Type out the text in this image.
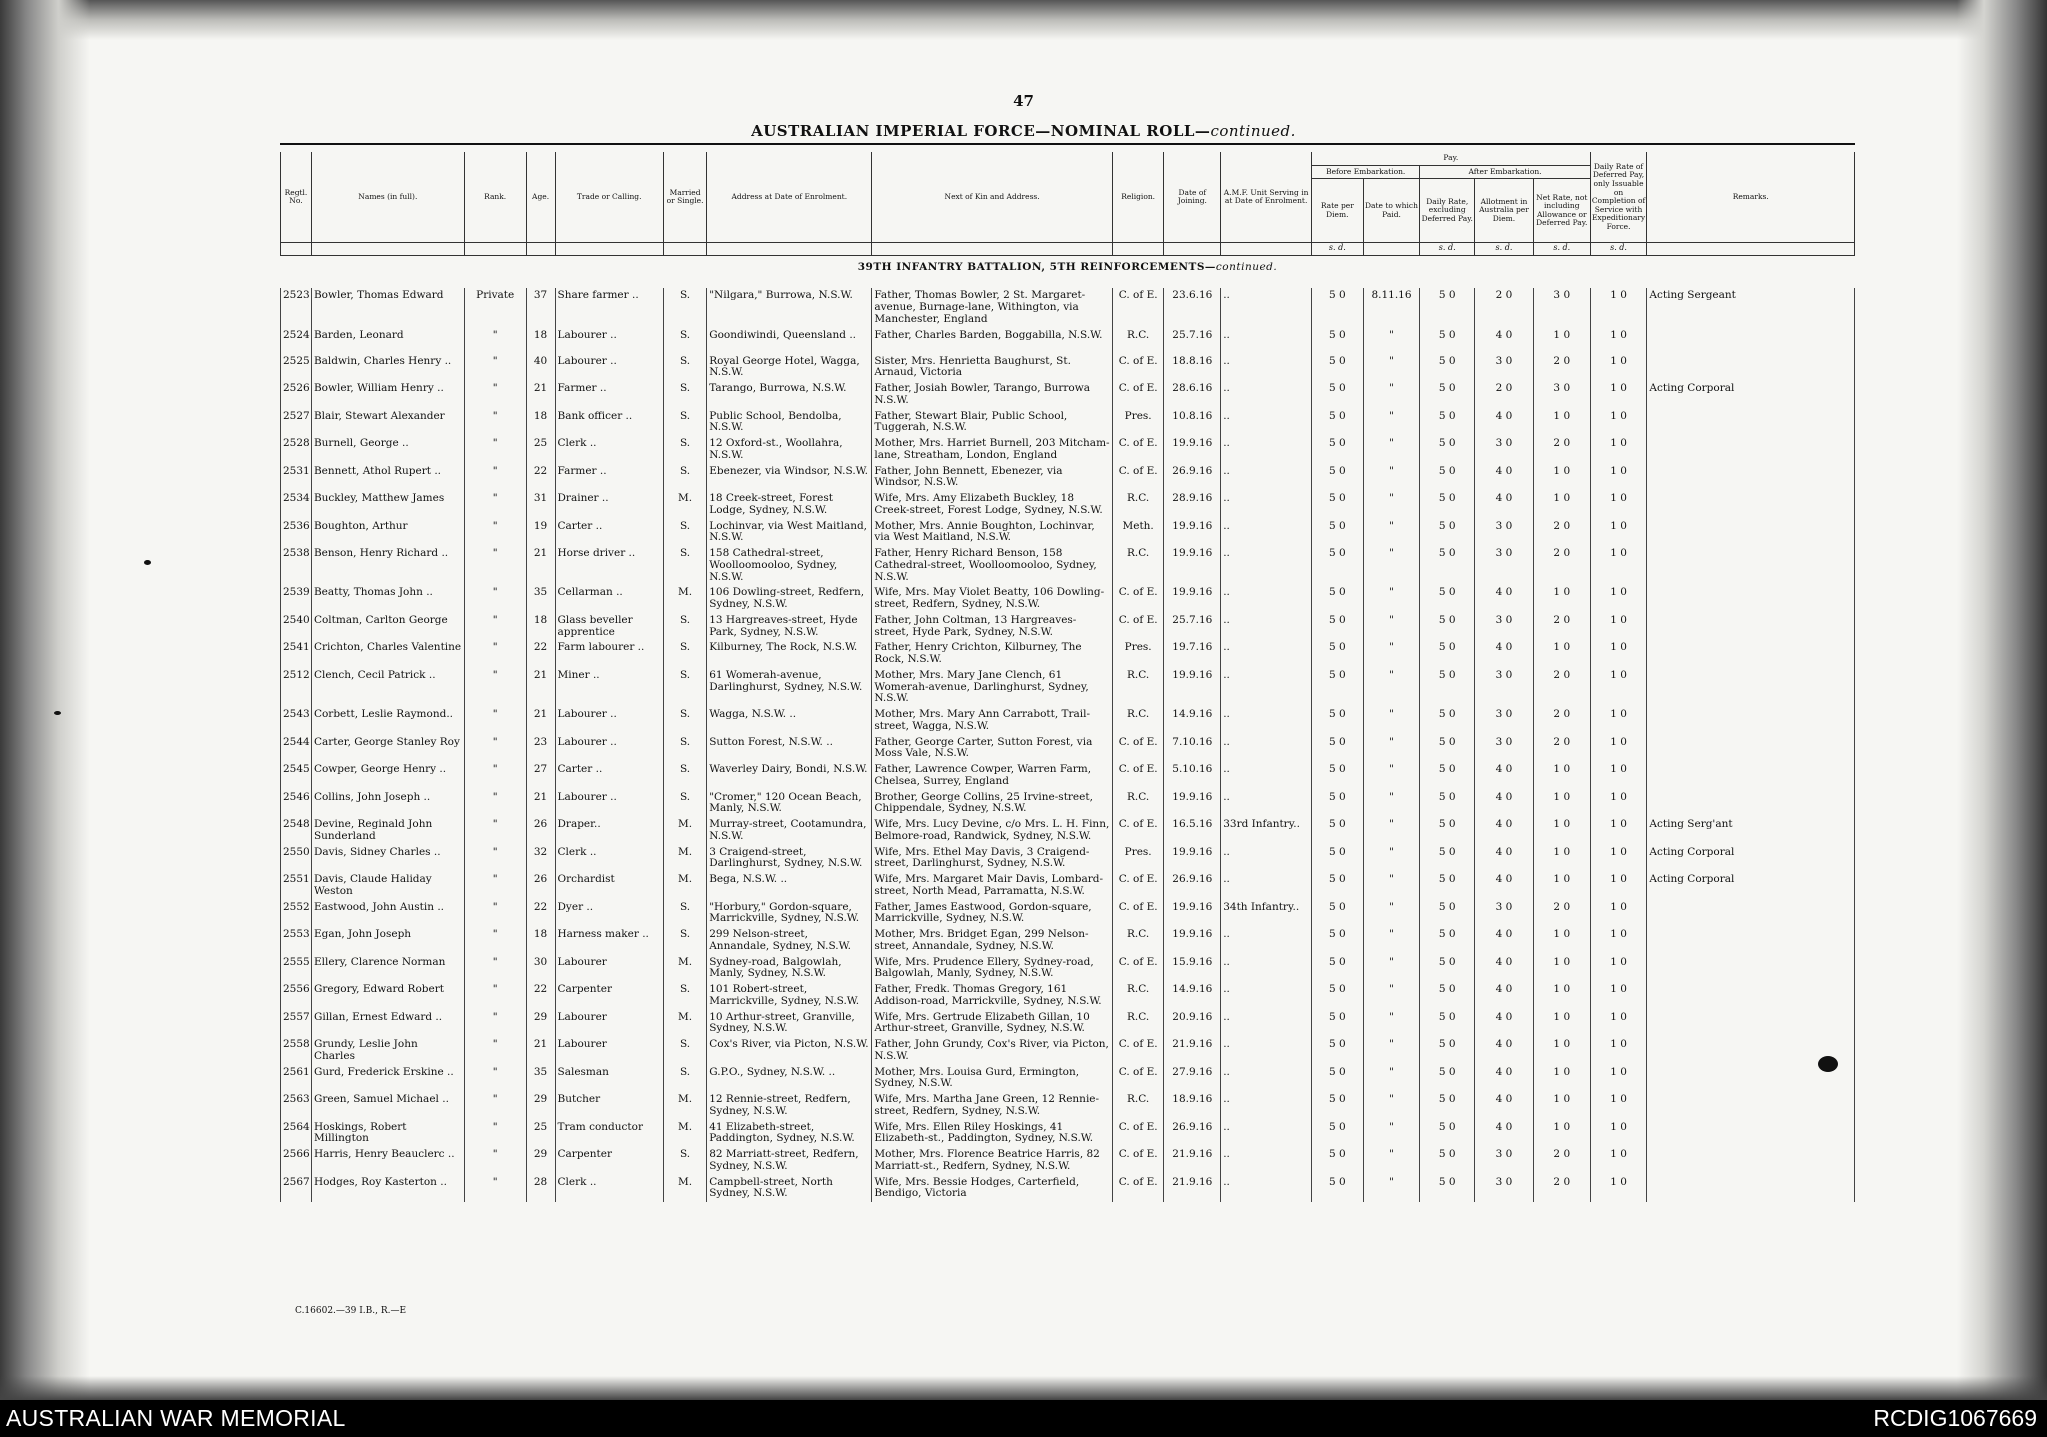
47
AUSTRALIAN IMPERIAL FORCE—NOMINAL ROLL—continued.
Regtl. No.	Names (in full).	Rank.	Age.	Trade or Calling.	Married or Single.	Address at Date of Enrolment.	Next of Kin and Address.	Religion.	Date of Joining.	A.M.F. Unit Serving in at Date of Enrolment.	Pay.					Daily Rate of Deferred Pay, only Issuable on Completion of Service with Expeditionary Force.	Remarks.
											Before Embarkation.		After Embarkation.				
											Rate per Diem.	Date to which Paid.	Daily Rate, excluding Deferred Pay.	Allotment in Australia per Diem.	Net Rate, not including Allowance or Deferred Pay.		
											s. d.		s. d.	s. d.	s. d.	s. d.	
39TH INFANTRY BATTALION, 5TH REINFORCEMENTS—continued.																	
2523	Bowler, Thomas Edward	Private	37	Share farmer ..	S.	"Nilgara," Burrowa, N.S.W.	Father, Thomas Bowler, 2 St. Margaret-avenue, Burnage-lane, Withington, via Manchester, England	C. of E.	23.6.16	..	5 0	8.11.16	5 0	2 0	3 0	1 0	Acting Sergeant
2524	Barden, Leonard	"	18	Labourer ..	S.	Goondiwindi, Queensland ..	Father, Charles Barden, Boggabilla, N.S.W.	R.C.	25.7.16	..	5 0	"	5 0	4 0	1 0	1 0	
2525	Baldwin, Charles Henry ..	"	40	Labourer ..	S.	Royal George Hotel, Wagga, N.S.W.	Sister, Mrs. Henrietta Baughurst, St. Arnaud, Victoria	C. of E.	18.8.16	..	5 0	"	5 0	3 0	2 0	1 0	
2526	Bowler, William Henry ..	"	21	Farmer ..	S.	Tarango, Burrowa, N.S.W.	Father, Josiah Bowler, Tarango, Burrowa N.S.W.	C. of E.	28.6.16	..	5 0	"	5 0	2 0	3 0	1 0	Acting Corporal
2527	Blair, Stewart Alexander	"	18	Bank officer ..	S.	Public School, Bendolba, N.S.W.	Father, Stewart Blair, Public School, Tuggerah, N.S.W.	Pres.	10.8.16	..	5 0	"	5 0	4 0	1 0	1 0	
2528	Burnell, George ..	"	25	Clerk ..	S.	12 Oxford-st., Woollahra, N.S.W.	Mother, Mrs. Harriet Burnell, 203 Mitcham-lane, Streatham, London, England	C. of E.	19.9.16	..	5 0	"	5 0	3 0	2 0	1 0	
2531	Bennett, Athol Rupert ..	"	22	Farmer ..	S.	Ebenezer, via Windsor, N.S.W.	Father, John Bennett, Ebenezer, via Windsor, N.S.W.	C. of E.	26.9.16	..	5 0	"	5 0	4 0	1 0	1 0	
2534	Buckley, Matthew James	"	31	Drainer ..	M.	18 Creek-street, Forest Lodge, Sydney, N.S.W.	Wife, Mrs. Amy Elizabeth Buckley, 18 Creek-street, Forest Lodge, Sydney, N.S.W.	R.C.	28.9.16	..	5 0	"	5 0	4 0	1 0	1 0	
2536	Boughton, Arthur	"	19	Carter ..	S.	Lochinvar, via West Maitland, N.S.W.	Mother, Mrs. Annie Boughton, Lochinvar, via West Maitland, N.S.W.	Meth.	19.9.16	..	5 0	"	5 0	3 0	2 0	1 0	
2538	Benson, Henry Richard ..	"	21	Horse driver ..	S.	158 Cathedral-street, Woolloomooloo, Sydney, N.S.W.	Father, Henry Richard Benson, 158 Cathedral-street, Woolloomooloo, Sydney, N.S.W.	R.C.	19.9.16	..	5 0	"	5 0	3 0	2 0	1 0	
2539	Beatty, Thomas John ..	"	35	Cellarman ..	M.	106 Dowling-street, Redfern, Sydney, N.S.W.	Wife, Mrs. May Violet Beatty, 106 Dowling-street, Redfern, Sydney, N.S.W.	C. of E.	19.9.16	..	5 0	"	5 0	4 0	1 0	1 0	
2540	Coltman, Carlton George	"	18	Glass beveller apprentice	S.	13 Hargreaves-street, Hyde Park, Sydney, N.S.W.	Father, John Coltman, 13 Hargreaves-street, Hyde Park, Sydney, N.S.W.	C. of E.	25.7.16	..	5 0	"	5 0	3 0	2 0	1 0	
2541	Crichton, Charles Valentine	"	22	Farm labourer ..	S.	Kilburney, The Rock, N.S.W.	Father, Henry Crichton, Kilburney, The Rock, N.S.W.	Pres.	19.7.16	..	5 0	"	5 0	4 0	1 0	1 0	
2512	Clench, Cecil Patrick ..	"	21	Miner ..	S.	61 Womerah-avenue, Darlinghurst, Sydney, N.S.W.	Mother, Mrs. Mary Jane Clench, 61 Womerah-avenue, Darlinghurst, Sydney, N.S.W.	R.C.	19.9.16	..	5 0	"	5 0	3 0	2 0	1 0	
2543	Corbett, Leslie Raymond..	"	21	Labourer ..	S.	Wagga, N.S.W. ..	Mother, Mrs. Mary Ann Carrabott, Trail-street, Wagga, N.S.W.	R.C.	14.9.16	..	5 0	"	5 0	3 0	2 0	1 0	
2544	Carter, George Stanley Roy	"	23	Labourer ..	S.	Sutton Forest, N.S.W. ..	Father, George Carter, Sutton Forest, via Moss Vale, N.S.W.	C. of E.	7.10.16	..	5 0	"	5 0	3 0	2 0	1 0	
2545	Cowper, George Henry ..	"	27	Carter ..	S.	Waverley Dairy, Bondi, N.S.W.	Father, Lawrence Cowper, Warren Farm, Chelsea, Surrey, England	C. of E.	5.10.16	..	5 0	"	5 0	4 0	1 0	1 0	
2546	Collins, John Joseph ..	"	21	Labourer ..	S.	"Cromer," 120 Ocean Beach, Manly, N.S.W.	Brother, George Collins, 25 Irvine-street, Chippendale, Sydney, N.S.W.	R.C.	19.9.16	..	5 0	"	5 0	4 0	1 0	1 0	
2548	Devine, Reginald John Sunderland	"	26	Draper..	M.	Murray-street, Cootamundra, N.S.W.	Wife, Mrs. Lucy Devine, c/o Mrs. L. H. Finn, Belmore-road, Randwick, Sydney, N.S.W.	C. of E.	16.5.16	33rd Infantry..	5 0	"	5 0	4 0	1 0	1 0	Acting Serg'ant
2550	Davis, Sidney Charles ..	"	32	Clerk ..	M.	3 Craigend-street, Darlinghurst, Sydney, N.S.W.	Wife, Mrs. Ethel May Davis, 3 Craigend-street, Darlinghurst, Sydney, N.S.W.	Pres.	19.9.16	..	5 0	"	5 0	4 0	1 0	1 0	Acting Corporal
2551	Davis, Claude Haliday Weston	"	26	Orchardist	M.	Bega, N.S.W. ..	Wife, Mrs. Margaret Mair Davis, Lombard-street, North Mead, Parramatta, N.S.W.	C. of E.	26.9.16	..	5 0	"	5 0	4 0	1 0	1 0	Acting Corporal
2552	Eastwood, John Austin ..	"	22	Dyer ..	S.	"Horbury," Gordon-square, Marrickville, Sydney, N.S.W.	Father, James Eastwood, Gordon-square, Marrickville, Sydney, N.S.W.	C. of E.	19.9.16	34th Infantry..	5 0	"	5 0	3 0	2 0	1 0	
2553	Egan, John Joseph	"	18	Harness maker ..	S.	299 Nelson-street, Annandale, Sydney, N.S.W.	Mother, Mrs. Bridget Egan, 299 Nelson-street, Annandale, Sydney, N.S.W.	R.C.	19.9.16	..	5 0	"	5 0	4 0	1 0	1 0	
2555	Ellery, Clarence Norman	"	30	Labourer	M.	Sydney-road, Balgowlah, Manly, Sydney, N.S.W.	Wife, Mrs. Prudence Ellery, Sydney-road, Balgowlah, Manly, Sydney, N.S.W.	C. of E.	15.9.16	..	5 0	"	5 0	4 0	1 0	1 0	
2556	Gregory, Edward Robert	"	22	Carpenter	S.	101 Robert-street, Marrickville, Sydney, N.S.W.	Father, Fredk. Thomas Gregory, 161 Addison-road, Marrickville, Sydney, N.S.W.	R.C.	14.9.16	..	5 0	"	5 0	4 0	1 0	1 0	
2557	Gillan, Ernest Edward ..	"	29	Labourer	M.	10 Arthur-street, Granville, Sydney, N.S.W.	Wife, Mrs. Gertrude Elizabeth Gillan, 10 Arthur-street, Granville, Sydney, N.S.W.	R.C.	20.9.16	..	5 0	"	5 0	4 0	1 0	1 0	
2558	Grundy, Leslie John Charles	"	21	Labourer	S.	Cox's River, via Picton, N.S.W.	Father, John Grundy, Cox's River, via Picton, N.S.W.	C. of E.	21.9.16	..	5 0	"	5 0	4 0	1 0	1 0	
2561	Gurd, Frederick Erskine ..	"	35	Salesman	S.	G.P.O., Sydney, N.S.W. ..	Mother, Mrs. Louisa Gurd, Ermington, Sydney, N.S.W.	C. of E.	27.9.16	..	5 0	"	5 0	4 0	1 0	1 0	
2563	Green, Samuel Michael ..	"	29	Butcher	M.	12 Rennie-street, Redfern, Sydney, N.S.W.	Wife, Mrs. Martha Jane Green, 12 Rennie-street, Redfern, Sydney, N.S.W.	R.C.	18.9.16	..	5 0	"	5 0	4 0	1 0	1 0	
2564	Hoskings, Robert Millington	"	25	Tram conductor	M.	41 Elizabeth-street, Paddington, Sydney, N.S.W.	Wife, Mrs. Ellen Riley Hoskings, 41 Elizabeth-st., Paddington, Sydney, N.S.W.	C. of E.	26.9.16	..	5 0	"	5 0	4 0	1 0	1 0	
2566	Harris, Henry Beauclerc ..	"	29	Carpenter	S.	82 Marriatt-street, Redfern, Sydney, N.S.W.	Mother, Mrs. Florence Beatrice Harris, 82 Marriatt-st., Redfern, Sydney, N.S.W.	C. of E.	21.9.16	..	5 0	"	5 0	3 0	2 0	1 0	
2567	Hodges, Roy Kasterton ..	"	28	Clerk ..	M.	Campbell-street, North Sydney, N.S.W.	Wife, Mrs. Bessie Hodges, Carterfield, Bendigo, Victoria	C. of E.	21.9.16	..	5 0	"	5 0	3 0	2 0	1 0	
C.16602.—39 I.B., R.—E
AUSTRALIAN WAR MEMORIAL	RCDIG1067669
